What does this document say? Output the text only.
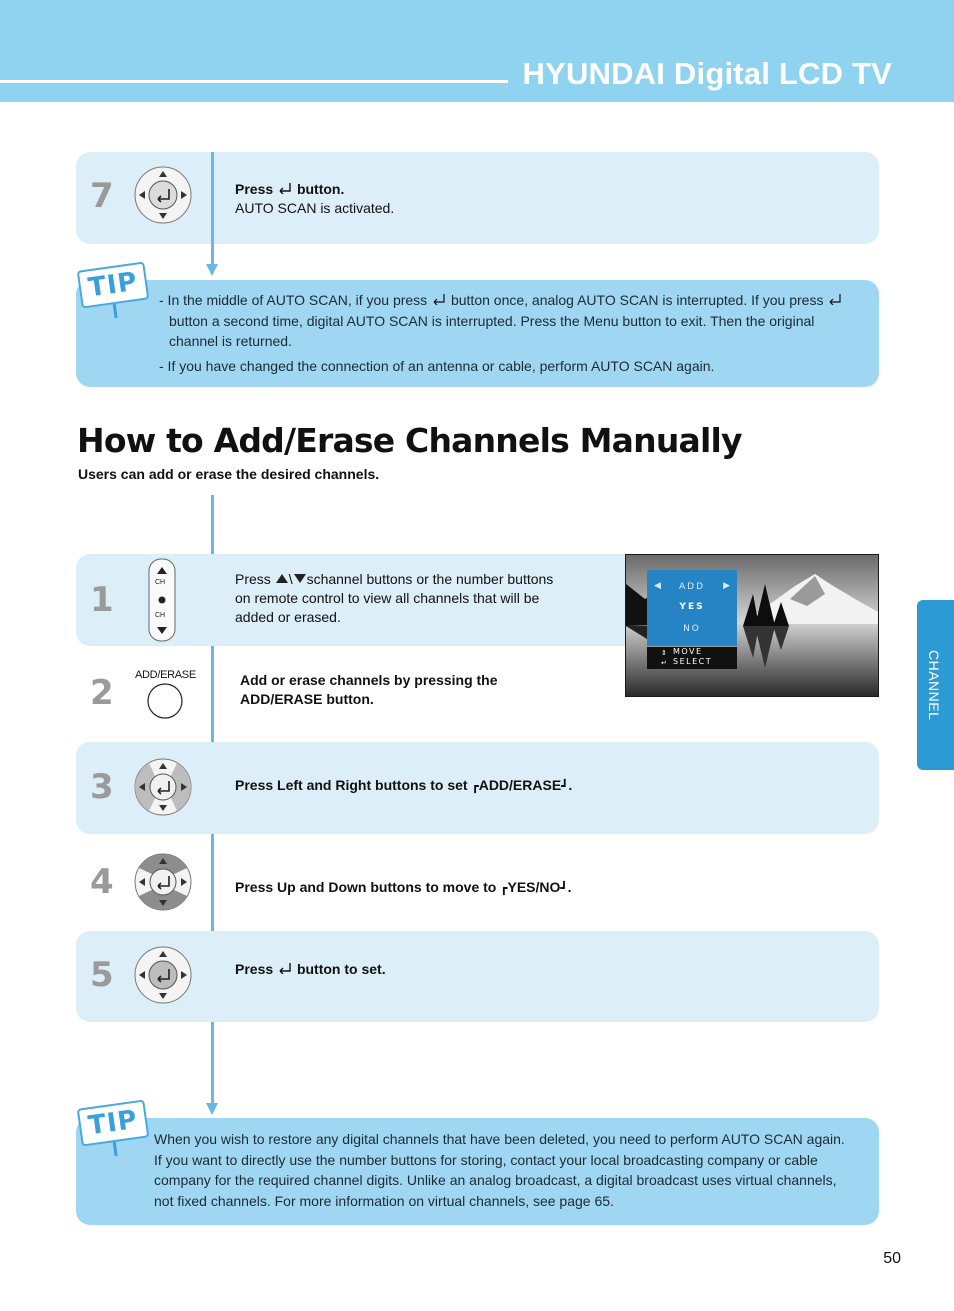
HYUNDAI Digital LCD TV
7	Press button.
AUTO SCAN is activated.
TIP	- In the middle of AUTO SCAN, if you press button once, analog AUTO SCAN is interrupted. If you press
button a second time, digital AUTO SCAN is interrupted. Press the Menu button to exit. Then the original
channel is returned.
- If you have changed the connection of an antenna or cable, perform AUTO SCAN again.
How to Add/Erase Channels Manually
Users can add or erase the desired channels.
1	CH
CH
Press \ schannel buttons or the number buttons
on remote control to view all channels that will be
added or erased.
◀	▶
ADD
YES
NO
⇕
↵
MOVE
SELECT
2 ADD/ERASE	Add or erase channels by pressing the
ADD/ERASE button.
3	Press Left and Right buttons to set ┏ADD/ERASE┛.
4	Press Up and Down buttons to move to ┏YES/NO┛.
5	Press button to set.
TIP	When you wish to restore any digital channels that have been deleted, you need to perform AUTO SCAN again.
If you want to directly use the number buttons for storing, contact your local broadcasting company or cable
company for the required channel digits. Unlike an analog broadcast, a digital broadcast uses virtual channels,
not fixed channels. For more information on virtual channels, see page 65.
CHANNEL
50
